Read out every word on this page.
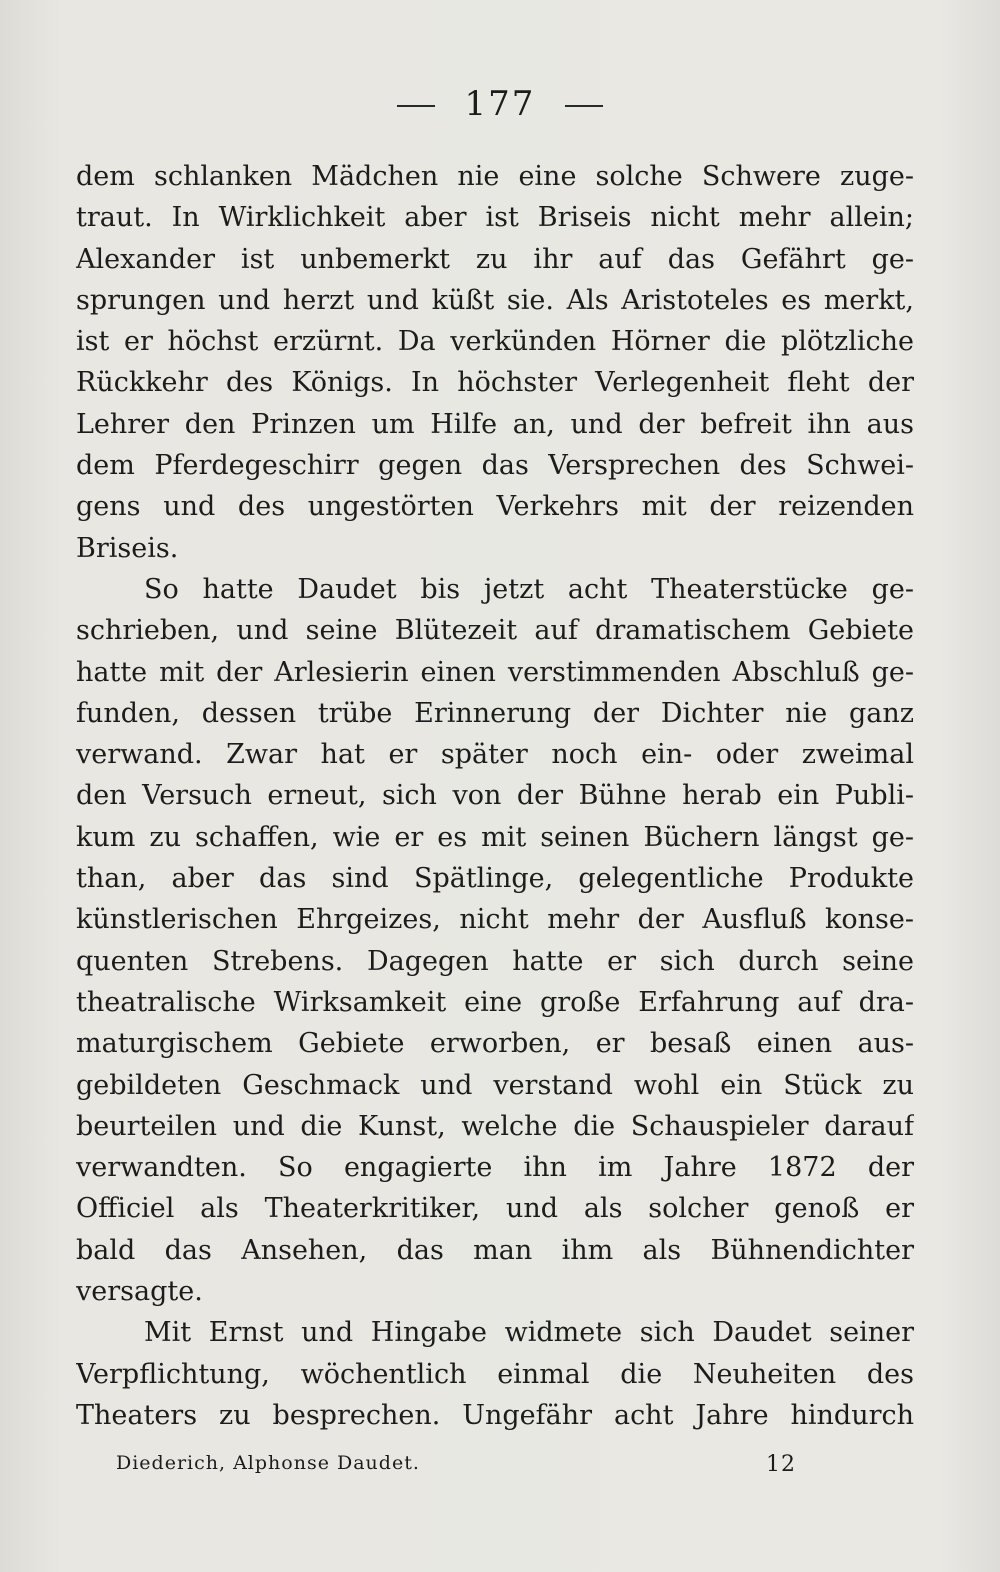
177
dem schlanken Mädchen nie eine solche Schwere zuge-
traut. In Wirklichkeit aber ist Briseis nicht mehr allein;
Alexander ist unbemerkt zu ihr auf das Gefährt ge-
sprungen und herzt und küßt sie. Als Aristoteles es merkt,
ist er höchst erzürnt. Da verkünden Hörner die plötzliche
Rückkehr des Königs. In höchster Verlegenheit fleht der
Lehrer den Prinzen um Hilfe an, und der befreit ihn aus
dem Pferdegeschirr gegen das Versprechen des Schwei-
gens und des ungestörten Verkehrs mit der reizenden
Briseis.
So hatte Daudet bis jetzt acht Theaterstücke ge-
schrieben, und seine Blütezeit auf dramatischem Gebiete
hatte mit der Arlesierin einen verstimmenden Abschluß ge-
funden, dessen trübe Erinnerung der Dichter nie ganz
verwand. Zwar hat er später noch ein- oder zweimal
den Versuch erneut, sich von der Bühne herab ein Publi-
kum zu schaffen, wie er es mit seinen Büchern längst ge-
than, aber das sind Spätlinge, gelegentliche Produkte
künstlerischen Ehrgeizes, nicht mehr der Ausfluß konse-
quenten Strebens. Dagegen hatte er sich durch seine
theatralische Wirksamkeit eine große Erfahrung auf dra-
maturgischem Gebiete erworben, er besaß einen aus-
gebildeten Geschmack und verstand wohl ein Stück zu
beurteilen und die Kunst, welche die Schauspieler darauf
verwandten. So engagierte ihn im Jahre 1872 der
Officiel als Theaterkritiker, und als solcher genoß er
bald das Ansehen, das man ihm als Bühnendichter
versagte.
Mit Ernst und Hingabe widmete sich Daudet seiner
Verpflichtung, wöchentlich einmal die Neuheiten des
Theaters zu besprechen. Ungefähr acht Jahre hindurch
Diederich, Alphonse Daudet.	12
